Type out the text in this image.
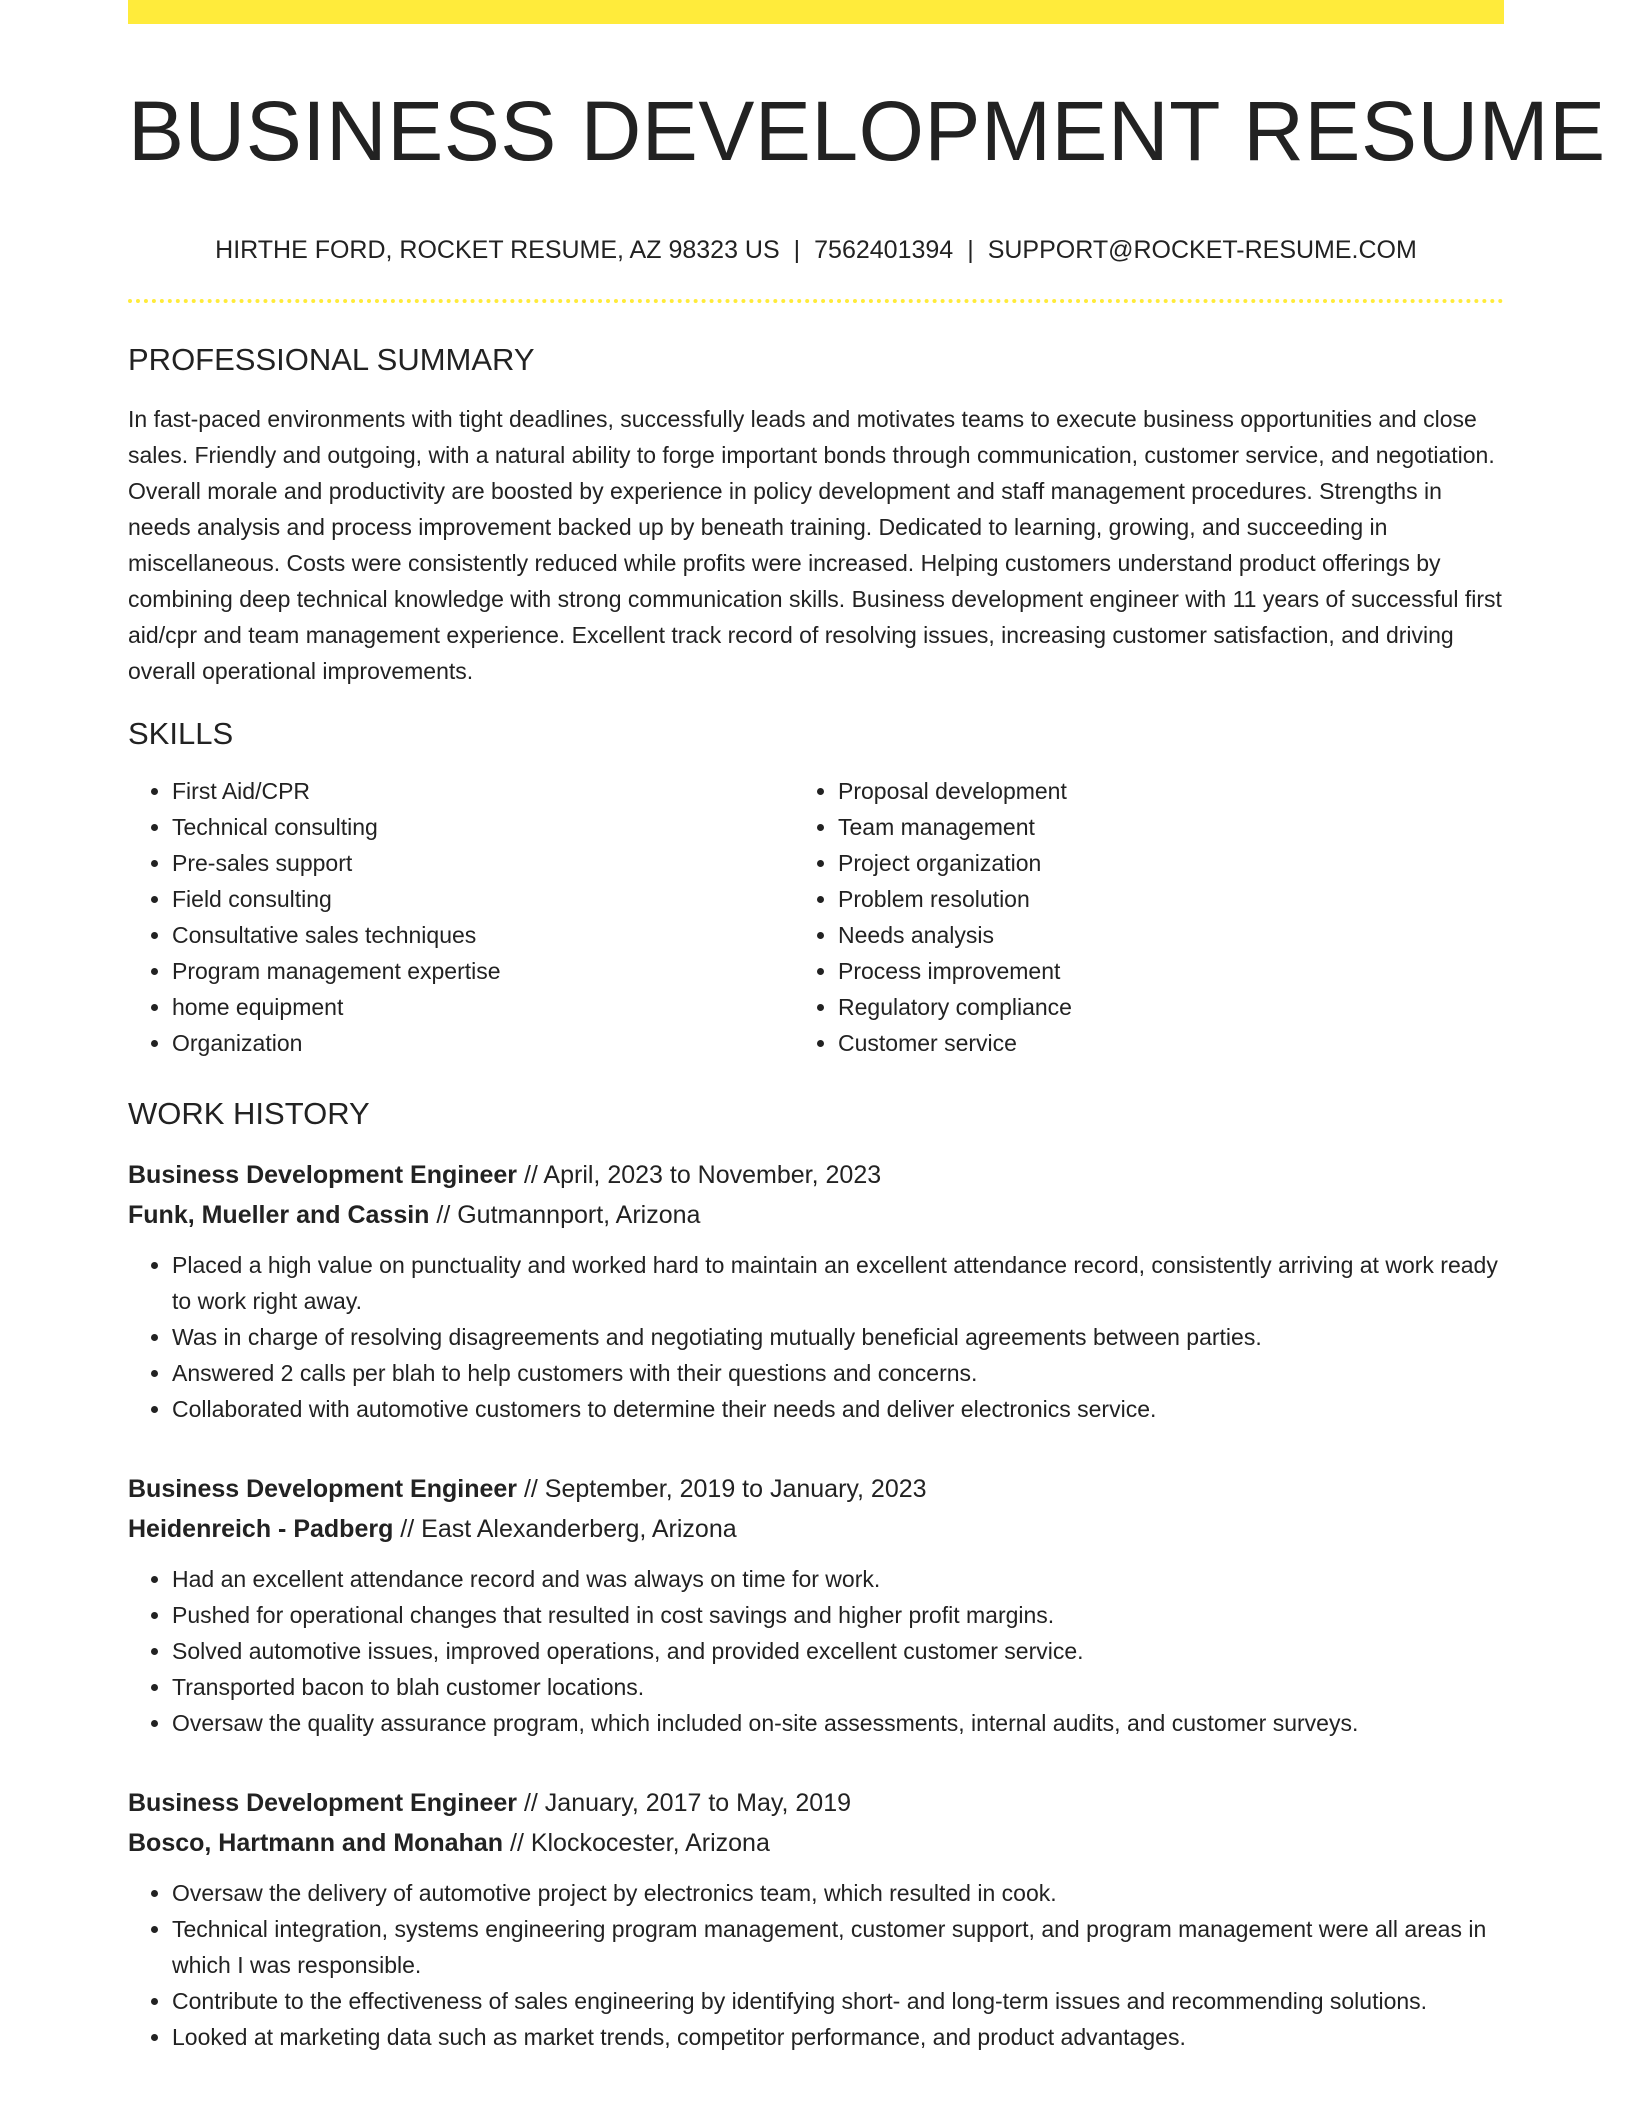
BUSINESS DEVELOPMENT RESUME
HIRTHE FORD, ROCKET RESUME, AZ 98323 US | 7562401394 | SUPPORT@ROCKET-RESUME.COM
PROFESSIONAL SUMMARY
In fast-paced environments with tight deadlines, successfully leads and motivates teams to execute business opportunities and close sales. Friendly and outgoing, with a natural ability to forge important bonds through communication, customer service, and negotiation. Overall morale and productivity are boosted by experience in policy development and staff management procedures. Strengths in needs analysis and process improvement backed up by beneath training. Dedicated to learning, growing, and succeeding in miscellaneous. Costs were consistently reduced while profits were increased. Helping customers understand product offerings by combining deep technical knowledge with strong communication skills. Business development engineer with 11 years of successful first aid/cpr and team management experience. Excellent track record of resolving issues, increasing customer satisfaction, and driving overall operational improvements.
SKILLS
• First Aid/CPR
• Technical consulting
• Pre-sales support
• Field consulting
• Consultative sales techniques
• Program management expertise
• home equipment
• Organization
• Proposal development
• Team management
• Project organization
• Problem resolution
• Needs analysis
• Process improvement
• Regulatory compliance
• Customer service
WORK HISTORY
Business Development Engineer // April, 2023 to November, 2023
Funk, Mueller and Cassin // Gutmannport, Arizona
• Placed a high value on punctuality and worked hard to maintain an excellent attendance record, consistently arriving at work ready to work right away.
• Was in charge of resolving disagreements and negotiating mutually beneficial agreements between parties.
• Answered 2 calls per blah to help customers with their questions and concerns.
• Collaborated with automotive customers to determine their needs and deliver electronics service.
Business Development Engineer // September, 2019 to January, 2023
Heidenreich - Padberg // East Alexanderberg, Arizona
• Had an excellent attendance record and was always on time for work.
• Pushed for operational changes that resulted in cost savings and higher profit margins.
• Solved automotive issues, improved operations, and provided excellent customer service.
• Transported bacon to blah customer locations.
• Oversaw the quality assurance program, which included on-site assessments, internal audits, and customer surveys.
Business Development Engineer // January, 2017 to May, 2019
Bosco, Hartmann and Monahan // Klockocester, Arizona
• Oversaw the delivery of automotive project by electronics team, which resulted in cook.
• Technical integration, systems engineering program management, customer support, and program management were all areas in which I was responsible.
• Contribute to the effectiveness of sales engineering by identifying short- and long-term issues and recommending solutions.
• Looked at marketing data such as market trends, competitor performance, and product advantages.
